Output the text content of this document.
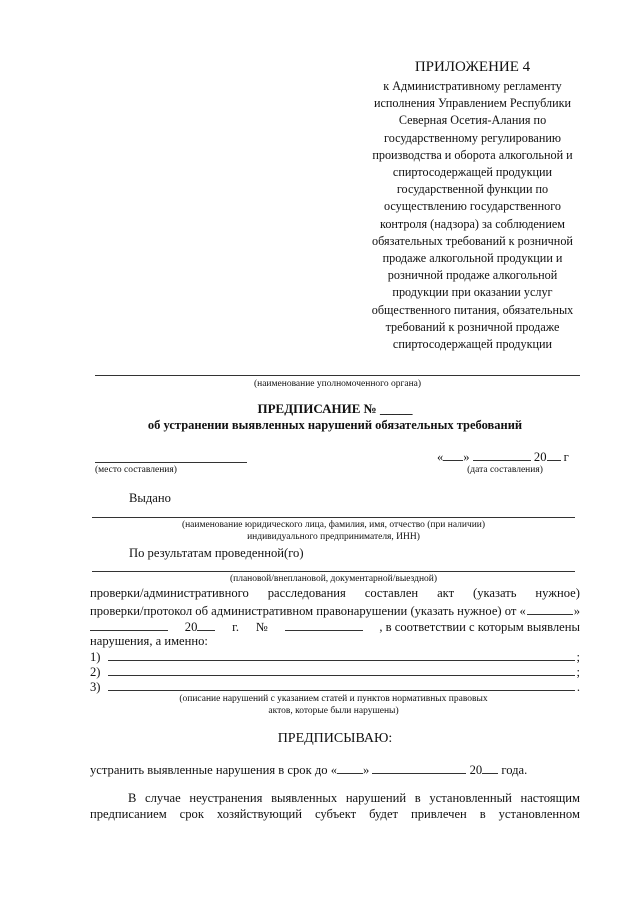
ПРИЛОЖЕНИЕ 4
к Административному регламенту
исполнения Управлением Республики
Северная Осетия-Алания по
государственному регулированию
производства и оборота алкогольной и
спиртосодержащей продукции
государственной функции по
осуществлению государственного
контроля (надзора) за соблюдением
обязательных требований к розничной
продаже алкогольной продукции и
розничной продаже алкогольной
продукции при оказании услуг
общественного питания, обязательных
требований к розничной продаже
спиртосодержащей продукции
(наименование уполномоченного органа)
ПРЕДПИСАНИЕ № _____
об устранении выявленных нарушений обязательных требований
(место составления)
« »	20 г
(дата составления)
Выдано
(наименование юридического лица, фамилия, имя, отчество (при наличии)
индивидуального предпринимателя, ИНН)
По результатам проведенной(го)
(плановой/внеплановой, документарной/выездной)
проверки/административного расследования составлен акт (указать нужное)
проверки/протокол об административном правонарушении (указать нужное) от «	»
20	г. №	, в соответствии с которым выявлены
нарушения, а именно:
1)	;
2)	;
3)	.
(описание нарушений с указанием статей и пунктов нормативных правовых
актов, которые были нарушены)
ПРЕДПИСЫВАЮ:
устранить выявленные нарушения в срок до « »	20 года.
В случае неустранения выявленных нарушений в установленный настоящим
предписанием срок хозяйствующий субъект будет привлечен в установленном
